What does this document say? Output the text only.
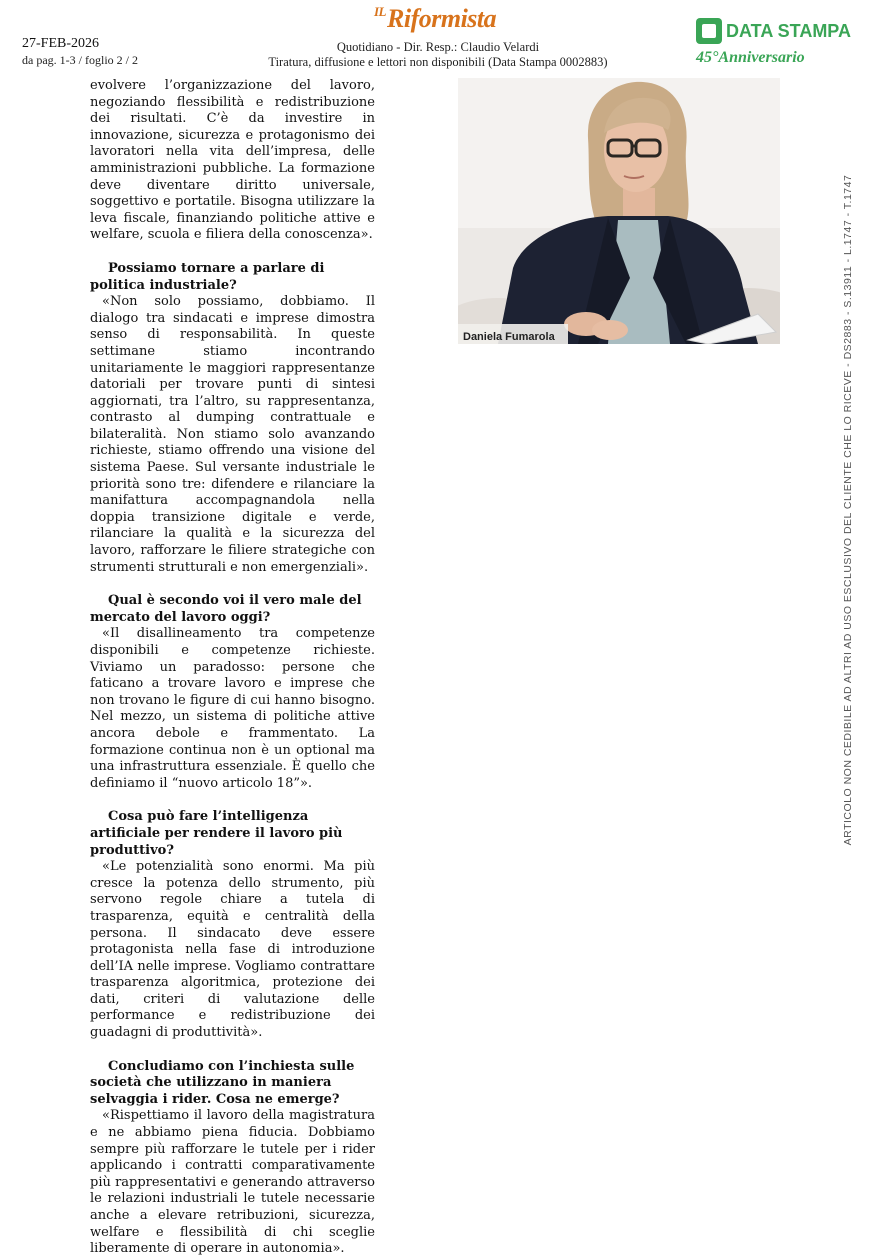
27-FEB-2026
da pag. 1-3 / foglio 2 / 2
$^{IL}$Riformista
Quotidiano - Dir. Resp.: Claudio Velardi
Tiratura, diffusione e lettori non disponibili (Data Stampa 0002883)
DATA STAMPA
45°Anniversario

evolvere l’organizzazione del lavoro, negoziando flessibilità e redistribuzione dei risultati. C’è da investire in innovazione, sicurezza e protagonismo dei lavoratori nella vita dell’impresa, delle amministrazioni pubbliche. La formazione deve diventare diritto universale, soggettivo e portatile. Bisogna utilizzare la leva fiscale, finanziando politiche attive e welfare, scuola e filiera della conoscenza».

Possiamo tornare a parlare di politica industriale?

«Non solo possiamo, dobbiamo. Il dialogo tra sindacati e imprese dimostra senso di responsabilità. In queste settimane stiamo incontrando unitariamente le maggiori rappresentanze datoriali per trovare punti di sintesi aggiornati, tra l’altro, su rappresentanza, contrasto al dumping contrattuale e bilateralità. Non stiamo solo avanzando richieste, stiamo offrendo una visione del sistema Paese. Sul versante industriale le priorità sono tre: difendere e rilanciare la manifattura accompagnandola nella doppia transizione digitale e verde, rilanciare la qualità e la sicurezza del lavoro, rafforzare le filiere strategiche con strumenti strutturali e non emergenziali».

Qual è secondo voi il vero male del mercato del lavoro oggi?

«Il disallineamento tra competenze disponibili e competenze richieste. Viviamo un paradosso: persone che faticano a trovare lavoro e imprese che non trovano le figure di cui hanno bisogno. Nel mezzo, un sistema di politiche attive ancora debole e frammentato. La formazione continua non è un optional ma una infrastruttura essenziale. È quello che definiamo il “nuovo articolo 18”».

Cosa può fare l’intelligenza artificiale per rendere il lavoro più produttivo?

«Le potenzialità sono enormi. Ma più cresce la potenza dello strumento, più servono regole chiare a tutela di trasparenza, equità e centralità della persona. Il sindacato deve essere protagonista nella fase di introduzione dell’IA nelle imprese. Vogliamo contrattare trasparenza algoritmica, protezione dei dati, criteri di valutazione delle performance e redistribuzione dei guadagni di produttività».

Concludiamo con l’inchiesta sulle società che utilizzano in maniera selvaggia i rider. Cosa ne emerge?

«Rispettiamo il lavoro della magistratura e ne abbiamo piena fiducia. Dobbiamo sempre più rafforzare le tutele per i rider applicando i contratti comparativamente più rappresentativi e generando attraverso le relazioni industriali le tutele necessarie anche a elevare retribuzioni, sicurezza, welfare e flessibilità di chi sceglie liberamente di operare in autonomia».

Daniela Fumarola	ARTICOLO NON CEDIBILE AD ALTRI AD USO ESCLUSIVO DEL CLIENTE CHE LO RICEVE - DS2883 - S.13911 - L.1747 - T.1747
